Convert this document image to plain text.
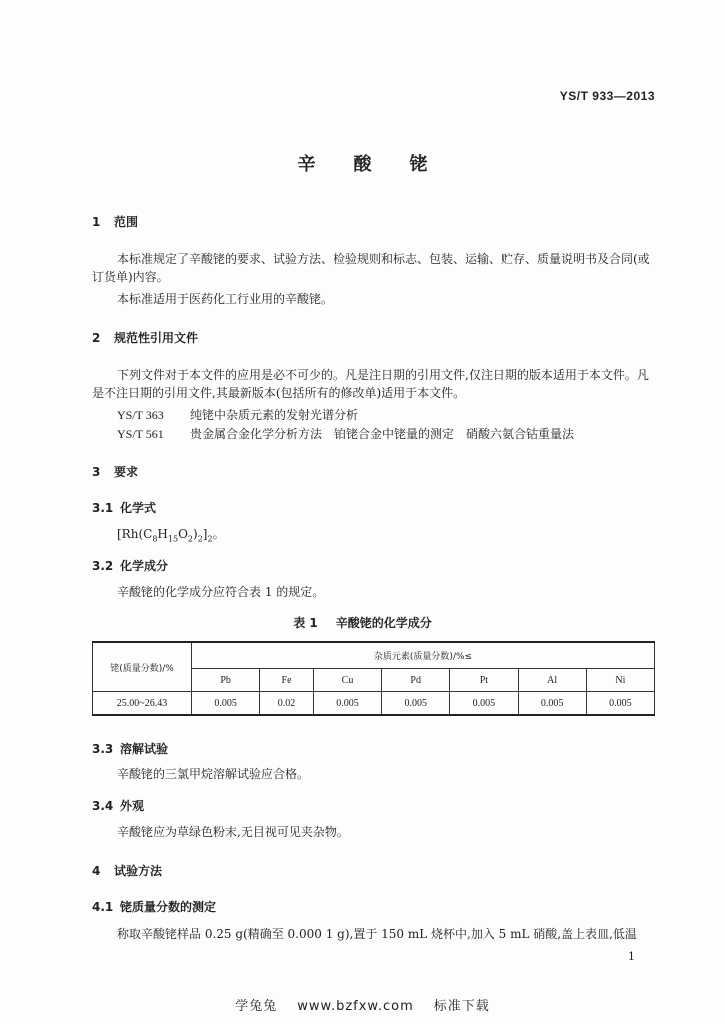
YS/T 933—2013
辛酸铑
1 范围
本标准规定了辛酸铑的要求、试验方法、检验规则和标志、包装、运输、贮存、质量说明书及合同(或订货单)内容。
本标准适用于医药化工行业用的辛酸铑。
2 规范性引用文件
下列文件对于本文件的应用是必不可少的。凡是注日期的引用文件,仅注日期的版本适用于本文件。凡是不注日期的引用文件,其最新版本(包括所有的修改单)适用于本文件。
YS/T 363 纯铑中杂质元素的发射光谱分析
YS/T 561 贵金属合金化学分析方法　铂铑合金中铑量的测定　硝酸六氨合钴重量法
3 要求
3.1 化学式
$[Rh(C_8H_{15}O_2)_2]_2$。
3.2 化学成分
辛酸铑的化学成分应符合表 1 的规定。
表 1 辛酸铑的化学成分
铑(质量分数)/%	杂质元素(质量分数)/%≤						
	Pb	Fe	Cu	Pd	Pt	Al	Ni
25.00~26.43	0.005	0.02	0.005	0.005	0.005	0.005	0.005
3.3 溶解试验
辛酸铑的三氯甲烷溶解试验应合格。
3.4 外观
辛酸铑应为草绿色粉末,无目视可见夹杂物。
4 试验方法
4.1 铑质量分数的测定
称取辛酸铑样品 0.25 g(精确至 0.000 1 g),置于 150 mL 烧杯中,加入 5 mL 硝酸,盖上表皿,低温
1
学兔兔 www.bzfxw.com 标准下载
